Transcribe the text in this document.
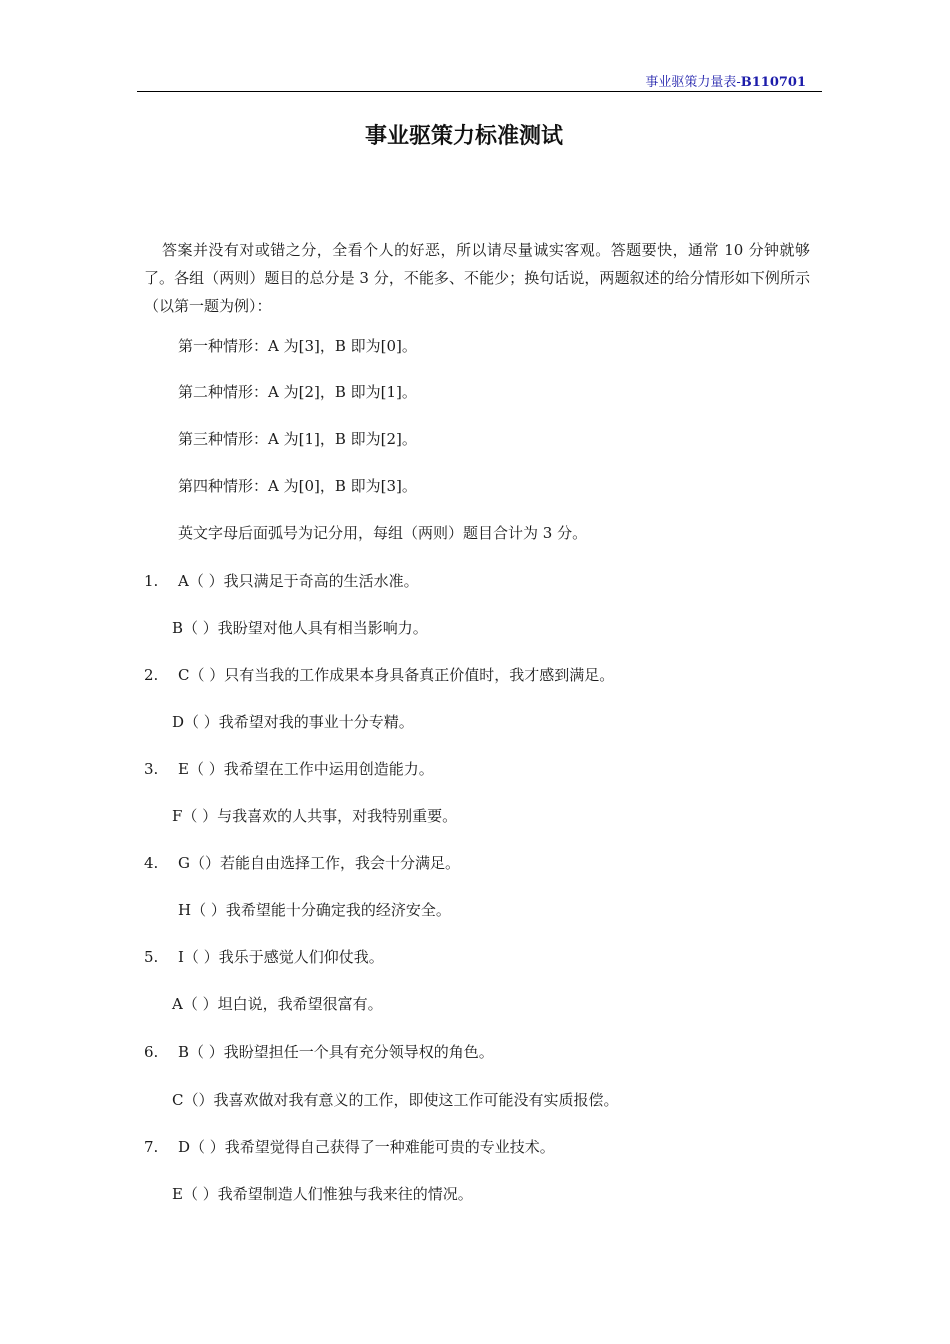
事业驱策力量表-B110701
事业驱策力标准测试
答案并没有对或错之分，全看个人的好恶，所以请尽量诚实客观。答题要快，通常 10 分钟就够了。各组（两则）题目的总分是 3 分，不能多、不能少；换句话说，两题叙述的给分情形如下例所示（以第一题为例）：
第一种情形：A 为[3]，B 即为[0]。
第二种情形：A 为[2]，B 即为[1]。
第三种情形：A 为[1]，B 即为[2]。
第四种情形：A 为[0]，B 即为[3]。
英文字母后面弧号为记分用，每组（两则）题目合计为 3 分。
1. A（ ）我只满足于奇高的生活水准。
B（ ）我盼望对他人具有相当影响力。
2. C（ ）只有当我的工作成果本身具备真正价值时，我才感到满足。
D（ ）我希望对我的事业十分专精。
3. E（ ）我希望在工作中运用创造能力。
F（ ）与我喜欢的人共事，对我特别重要。
4. G（）若能自由选择工作，我会十分满足。
H（ ）我希望能十分确定我的经济安全。
5. I（ ）我乐于感觉人们仰仗我。
A（ ）坦白说，我希望很富有。
6. B（ ）我盼望担任一个具有充分领导权的角色。
C（）我喜欢做对我有意义的工作，即使这工作可能没有实质报偿。
7. D（ ）我希望觉得自己获得了一种难能可贵的专业技术。
E（ ）我希望制造人们惟独与我来往的情况。
